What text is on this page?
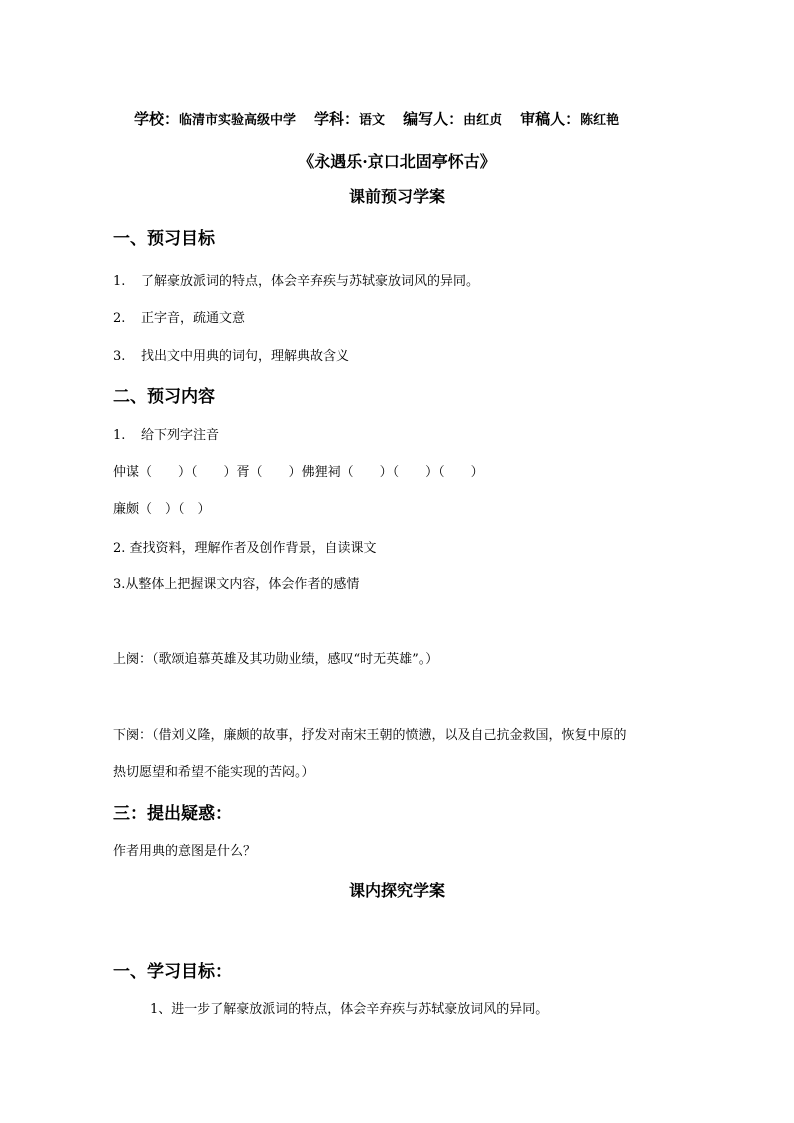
学校：临清市实验高级中学 学科：语文 编写人：由红贞 审稿人：陈红艳
《永遇乐·京口北固亭怀古》
课前预习学案
一、预习目标
1. 了解豪放派词的特点，体会辛弃疾与苏轼豪放词风的异同。
2. 正字音，疏通文意
3. 找出文中用典的词句，理解典故含义
二、预习内容
1. 给下列字注音
仲谋（　　）（　　）胥（　　）佛狸祠（　　）（　　）（　　）
廉颇（　）（　）
2. 查找资料，理解作者及创作背景，自读课文
3.从整体上把握课文内容，体会作者的感情
上阕：（歌颂追慕英雄及其功勋业绩，感叹“时无英雄”。）
下阕：（借刘义隆，廉颇的故事，抒发对南宋王朝的愤懑，以及自己抗金救国，恢复中原的
热切愿望和希望不能实现的苦闷。）
三：提出疑惑：
作者用典的意图是什么？
课内探究学案
一、学习目标：
1、进一步了解豪放派词的特点，体会辛弃疾与苏轼豪放词风的异同。
